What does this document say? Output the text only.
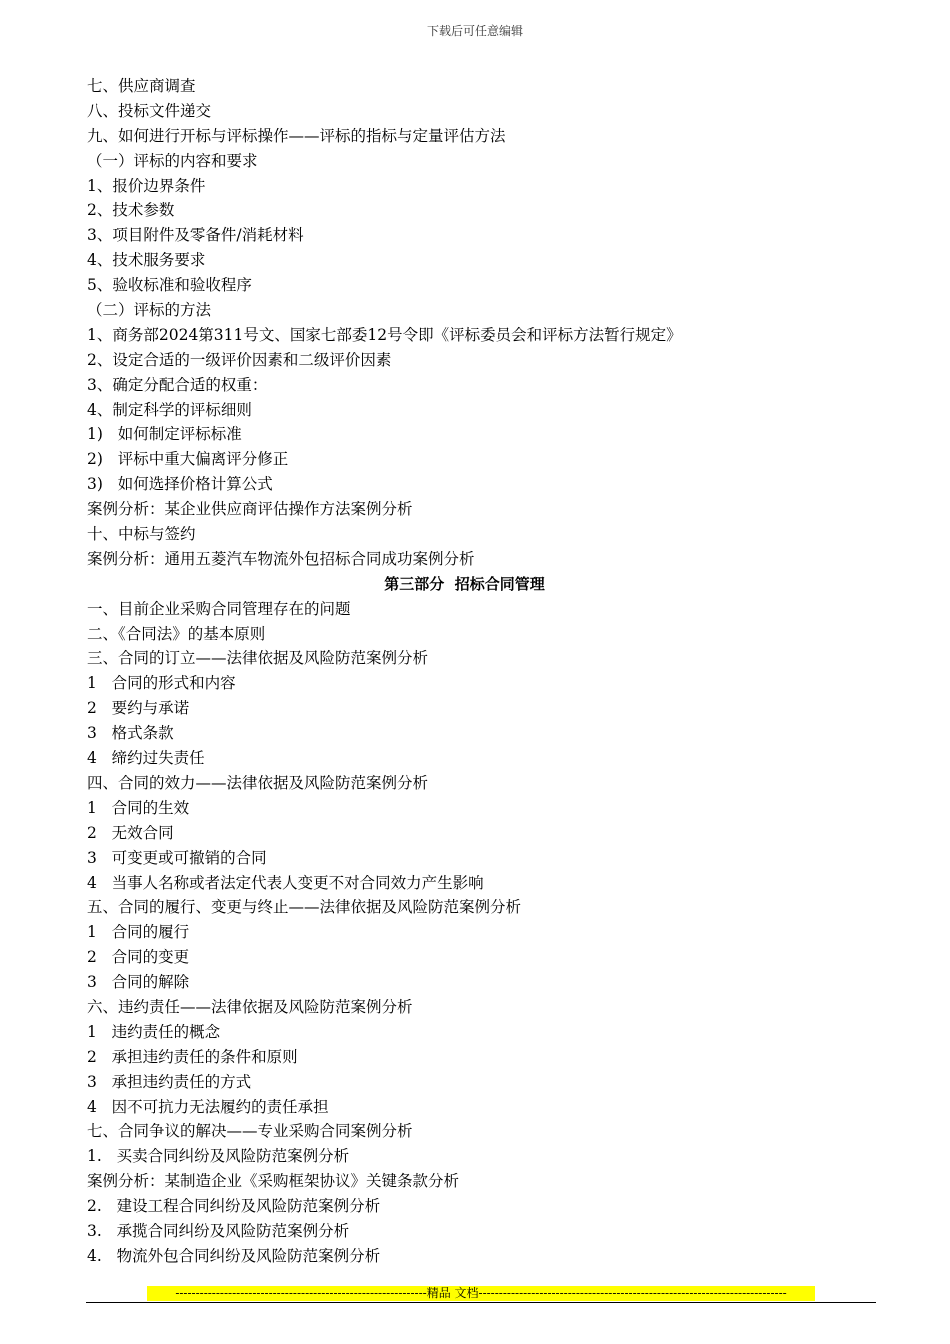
下载后可任意编辑
七、供应商调查
八、投标文件递交
九、如何进行开标与评标操作——评标的指标与定量评估方法
（一）评标的内容和要求
1、报价边界条件
2、技术参数
3、项目附件及零备件/消耗材料
4、技术服务要求
5、验收标准和验收程序
（二）评标的方法
1、商务部2024第311号文、国家七部委12号令即《评标委员会和评标方法暂行规定》
2、设定合适的一级评价因素和二级评价因素
3、确定分配合适的权重：
4、制定科学的评标细则
1)   如何制定评标标准
2)   评标中重大偏离评分修正
3)   如何选择价格计算公式
案例分析：某企业供应商评估操作方法案例分析
十、中标与签约
案例分析：通用五菱汽车物流外包招标合同成功案例分析
第三部分  招标合同管理
一、目前企业采购合同管理存在的问题
二、《合同法》的基本原则
三、合同的订立——法律依据及风险防范案例分析
1   合同的形式和内容
2   要约与承诺
3   格式条款
4   缔约过失责任
四、合同的效力——法律依据及风险防范案例分析
1   合同的生效
2   无效合同
3   可变更或可撤销的合同
4   当事人名称或者法定代表人变更不对合同效力产生影响
五、合同的履行、变更与终止——法律依据及风险防范案例分析
1   合同的履行
2   合同的变更
3   合同的解除
六、违约责任——法律依据及风险防范案例分析
1   违约责任的概念
2   承担违约责任的条件和原则
3   承担违约责任的方式
4   因不可抗力无法履约的责任承担
七、合同争议的解决——专业采购合同案例分析
1.   买卖合同纠纷及风险防范案例分析
案例分析：某制造企业《采购框架协议》关键条款分析
2.   建设工程合同纠纷及风险防范案例分析
3.   承揽合同纠纷及风险防范案例分析
4.   物流外包合同纠纷及风险防范案例分析
--------------------------------------------------------------精品 文档----------------------------------------------------------------------------
